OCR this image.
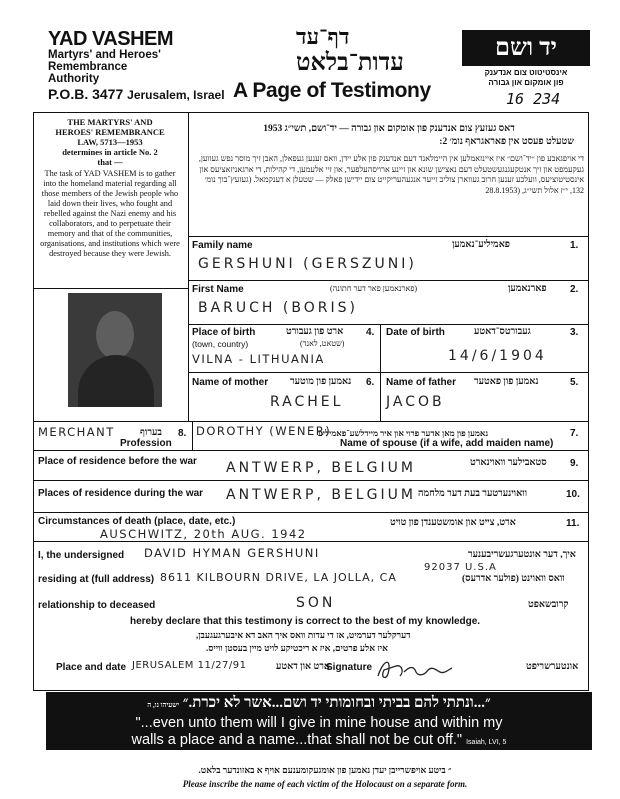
YAD VASHEM
Martyrs' and Heroes'
Remembrance
Authority
P.O.B. 3477 Jerusalem, Israel
דף־עד
עדות־בלאט
A Page of Testimony
יד ושם
אינסטיטוט צום אנדענק
פון אומקום און גבורה
16 234
THE MARTYRS' AND
HEROES' REMEMBRANCE
LAW, 5713—1953
determines in article No. 2
that —
The task of YAD VASHEM is to gather into the homeland material regarding all those members of the Jewish people who laid down their lives, who fought and rebelled against the Nazi enemy and his collaborators, and to perpetuate their memory and that of the communities, organisations, and institutions which were destroyed because they were Jewish.
דאס געזעץ צום אנדענק פון אומקום און גבורה — יד־ושם, תשי״ג 1953
שטעלט פעסט אין פאראגראף נומ׳ 2:
די אויפגאבע פון ״יד־ושם״ איז איינזאמלען אין היימלאנד דעם אנדענק פון אלע יידן, וואס זענען געפאלן, האבן זיך מוסר נפש געווען, געקעמפט און זיך אנטקעגנגעשטעלט דעם נאצישן שונא און זיינע ארויסהעלפער, און זיי אלעמען, די קהילות, די ארגאניזאציעס און אינסטיטוציעס, וועלכע זענען חרוב געווארן צוליב זייער אנגעהעריקייט צום יידישן פאלק — שטעלן א דענקמאל. (געזעץ־בוך נומ׳ 132, י״ז אלול תשי״ג, (28.8.1953
Family name	פאמיליע־נאמען	1.
GERSHUNI (GERSZUNI)
First Name	(פארנאמען פאר דער חתונה)	פארנאמען 2.
BARUCH (BORIS)
Place of birth
(town, country)
ארט פון געבורט
(שטאט, לאנד)
4.
VILNA - LITHUANIA
Date of birth	געבורטס־דאטע	3.
14/6/1904
Name of mother נאמען פון מוטער 6.
RACHEL
Name of father נאמען פון פאטער	5.
JACOB
MERCHANT	בערוף 8.
Profession
DOROTHY (WENER)
נאמען פון מאן אדער פרוי און איר מיידלשע־פאמיליע	7.
Name of spouse (if a wife, add maiden name)
Place of residence before the war ANTWERP, BELGIUM	סטאבילער וואוינארט 9.
Places of residence during the war ANTWERP, BELGIUM וואוינערטער בעת דער מלחמה	10.
Circumstances of death (place, date, etc.)	ארט, צייט און אומשטענדן פון טויט	11.
AUSCHWITZ, 20th AUG. 1942
I, the undersigned DAVID HYMAN GERSHUNI	איך, דער אונטערגעשריבענער
92037 U.S.A
residing at (full address) 8611 KILBOURN DRIVE, LA JOLLA, CA	וואס וואוינט (פולער אדרעס)
relationship to deceased	SON	קרובשאפט
hereby declare that this testimony is correct to the best of my knowledge.
דערקלער דערמיט, אז די עדות וואס איך האב דא איבערגעגעבן,
איז אלע פרטים, איז א ריכטיקע לויט מיין בעסטן ווייס.
Place and date JERUSALEM 11/27/91	ארט און דאטע
Signature	אונטערשריפט
״...ונתתי להם בביתי ובחומותי יד ושם...אשר לא יכרת.״ ישעיהו נו, ה
"...even unto them will I give in mine house and within my
walls a place and a name...that shall not be cut off." Isaiah, LVI, 5
״ ביטע אויפשרייבן יעדן נאמען פון אומגעקומענעם אויף א באזונדער בלאט.
Please inscribe the name of each victim of the Holocaust on a separate form.
